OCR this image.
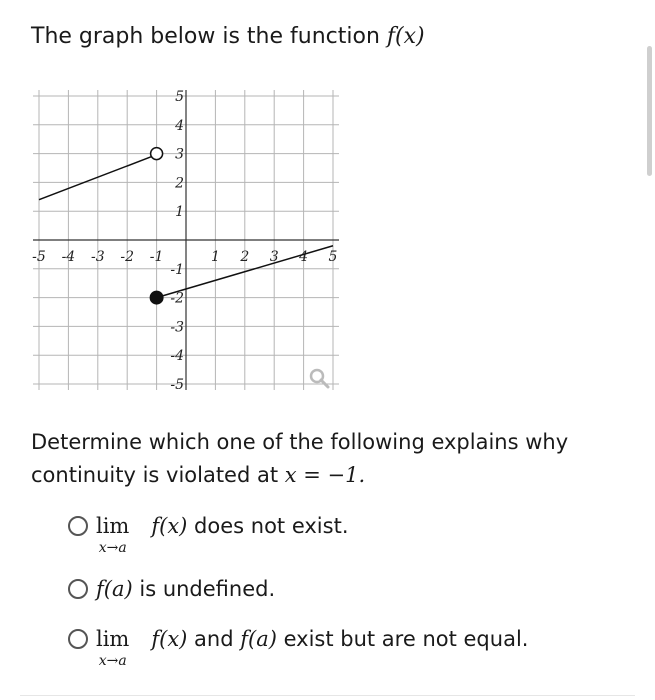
The graph below is the function f(x)
-5 -4 -3 -2 -1	1 2 3 4 5
5
4
3
2
1
-1
-2
-3
-4
-5
Determine which one of the following explains why
continuity is violated at x = −1.
lim
x→a
f(x) does not exist.
f(a) is undefined.
lim
x→a
f(x) and f(a) exist but are not equal.
